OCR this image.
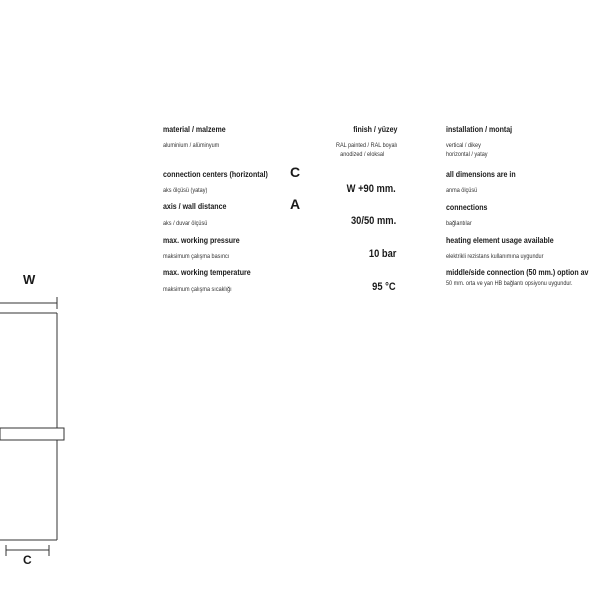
W
C
material / malzeme
aluminium / alüminyum
connection centers (horizontal) C
aks ölçüsü (yatay)
axis / wall distance	A
aks / duvar ölçüsü
max. working pressure
maksimum çalışma basıncı
max. working temperature
maksimum çalışma sıcaklığı
finish / yüzey
RAL painted / RAL boyalı
anodized / eloksal
W +90 mm.
30/50 mm.
10 bar
95 °C
installation / montaj
vertical / dikey
horizontal / yatay
all dimensions are in
anma ölçüsü
connections
bağlantılar
heating element usage available
elektrikli rezistans kullanımına uygundur
middle/side connection (50 mm.) option av
50 mm. orta ve yan HB bağlantı opsiyonu uygundur.
